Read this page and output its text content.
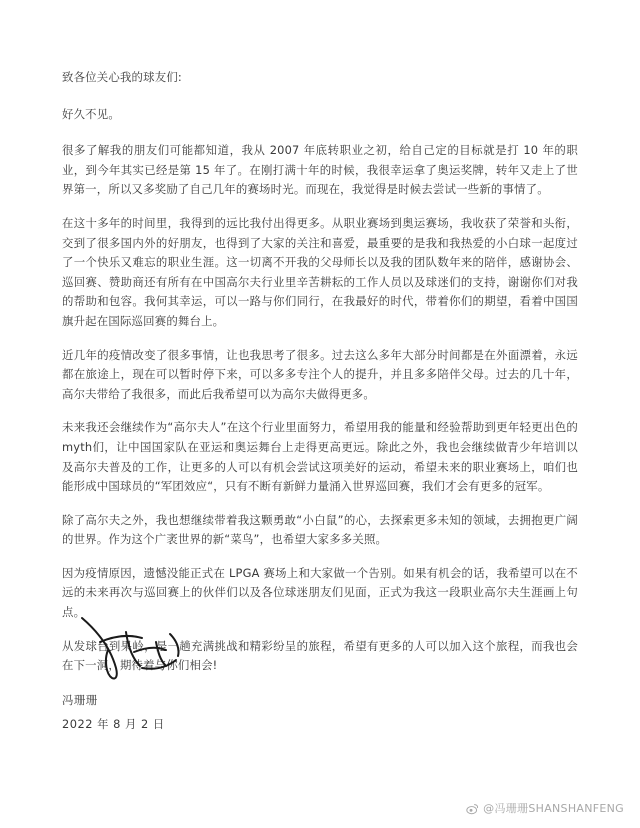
致各位关心我的球友们:

好久不见。

很多了解我的朋友们可能都知道，我从 2007 年底转职业之初，给自己定的目标就是打 10 年的职业，到今年其实已经是第 15 年了。在刚打满十年的时候，我很幸运拿了奥运奖牌，转年又走上了世界第一，所以又多奖励了自己几年的赛场时光。而现在，我觉得是时候去尝试一些新的事情了。

在这十多年的时间里，我得到的远比我付出得更多。从职业赛场到奥运赛场，我收获了荣誉和头衔，交到了很多国内外的好朋友，也得到了大家的关注和喜爱，最重要的是我和我热爱的小白球一起度过了一个快乐又难忘的职业生涯。这一切离不开我的父母师长以及我的团队数年来的陪伴，感谢协会、巡回赛、赞助商还有所有在中国高尔夫行业里辛苦耕耘的工作人员以及球迷们的支持，谢谢你们对我的帮助和包容。我何其幸运，可以一路与你们同行，在我最好的时代，带着你们的期望，看着中国国旗升起在国际巡回赛的舞台上。

近几年的疫情改变了很多事情，让也我思考了很多。过去这么多年大部分时间都是在外面漂着，永远都在旅途上，现在可以暂时停下来，可以多多专注个人的提升，并且多多陪伴父母。过去的几十年，高尔夫带给了我很多，而此后我希望可以为高尔夫做得更多。

未来我还会继续作为“高尔夫人”在这个行业里面努力，希望用我的能量和经验帮助到更年轻更出色的myth们，让中国国家队在亚运和奥运舞台上走得更高更远。除此之外，我也会继续做青少年培训以及高尔夫普及的工作，让更多的人可以有机会尝试这项美好的运动，希望未来的职业赛场上，咱们也能形成中国球员的“军团效应“，只有不断有新鲜力量涌入世界巡回赛，我们才会有更多的冠军。

除了高尔夫之外，我也想继续带着我这颗勇敢“小白鼠”的心，去探索更多未知的领域，去拥抱更广阔的世界。作为这个广袤世界的新“菜鸟”，也希望大家多多关照。

因为疫情原因，遗憾没能正式在 LPGA 赛场上和大家做一个告别。如果有机会的话，我希望可以在不远的未来再次与巡回赛上的伙伴们以及各位球迷朋友们见面，正式为我这一段职业高尔夫生涯画上句点。

从发球台到果岭，是一趟充满挑战和精彩纷呈的旅程，希望有更多的人可以加入这个旅程，而我也会在下一洞，期待着与你们相会!

冯珊珊
2022 年 8 月 2 日
@冯珊珊SHANSHANFENG
